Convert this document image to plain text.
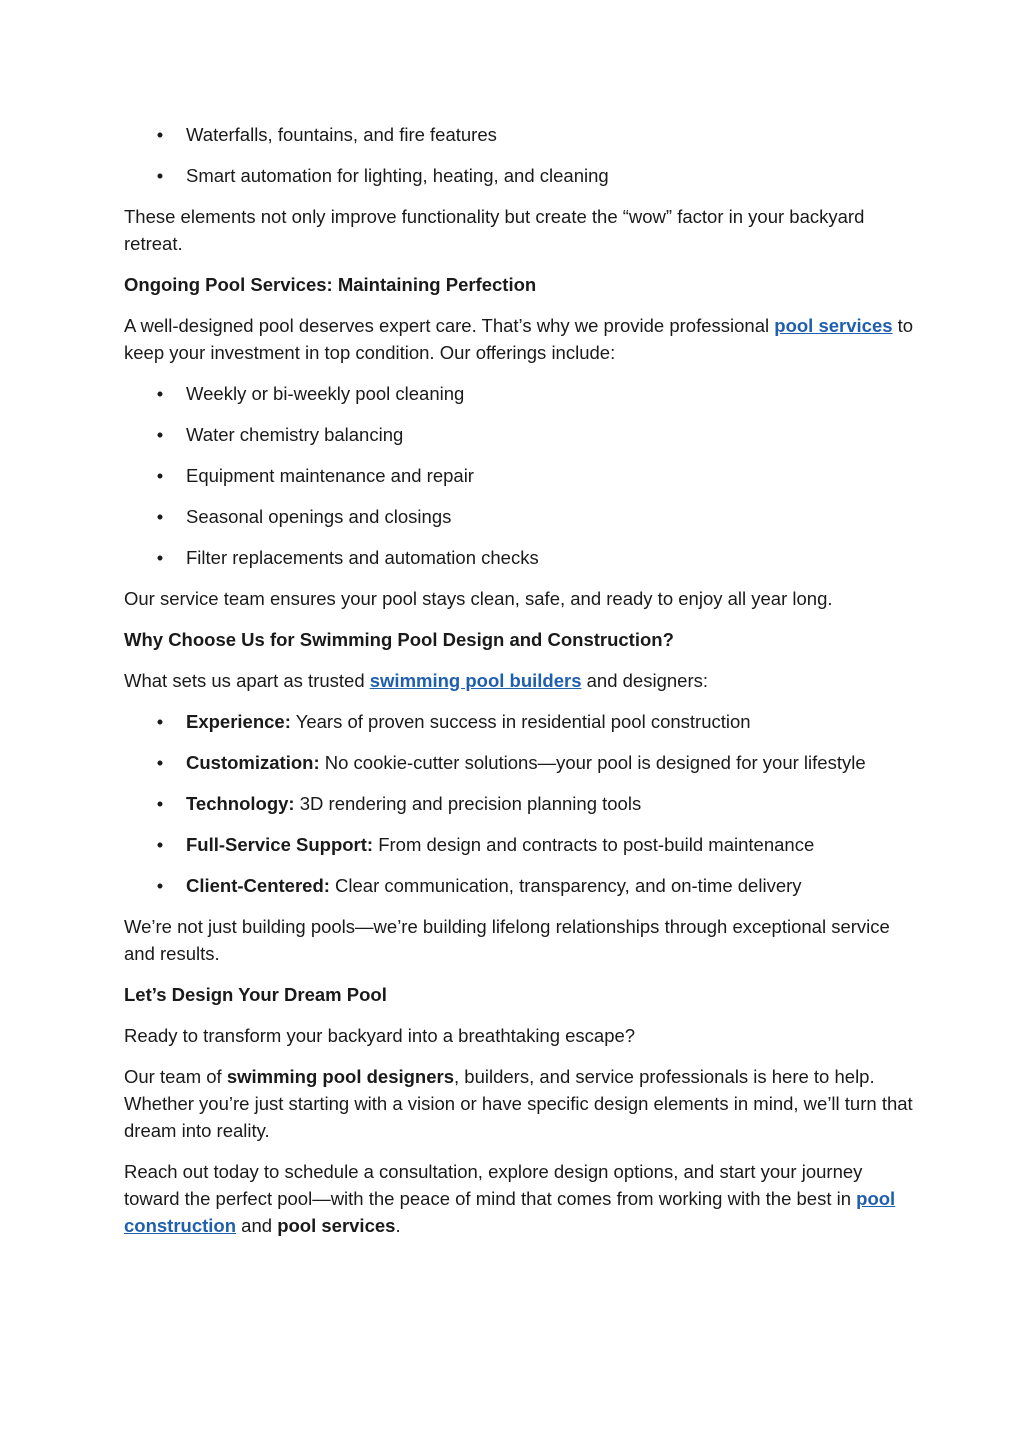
• Waterfalls, fountains, and fire features
• Smart automation for lighting, heating, and cleaning

These elements not only improve functionality but create the “wow” factor in your backyard retreat.

Ongoing Pool Services: Maintaining Perfection

A well-designed pool deserves expert care. That’s why we provide professional pool services to keep your investment in top condition. Our offerings include:

• Weekly or bi-weekly pool cleaning
• Water chemistry balancing
• Equipment maintenance and repair
• Seasonal openings and closings
• Filter replacements and automation checks

Our service team ensures your pool stays clean, safe, and ready to enjoy all year long.

Why Choose Us for Swimming Pool Design and Construction?

What sets us apart as trusted swimming pool builders and designers:

• Experience: Years of proven success in residential pool construction
• Customization: No cookie-cutter solutions—your pool is designed for your lifestyle
• Technology: 3D rendering and precision planning tools
• Full-Service Support: From design and contracts to post-build maintenance
• Client-Centered: Clear communication, transparency, and on-time delivery

We’re not just building pools—we’re building lifelong relationships through exceptional service and results.

Let’s Design Your Dream Pool

Ready to transform your backyard into a breathtaking escape?

Our team of swimming pool designers, builders, and service professionals is here to help. Whether you’re just starting with a vision or have specific design elements in mind, we’ll turn that dream into reality.

Reach out today to schedule a consultation, explore design options, and start your journey toward the perfect pool—with the peace of mind that comes from working with the best in pool construction and pool services.
